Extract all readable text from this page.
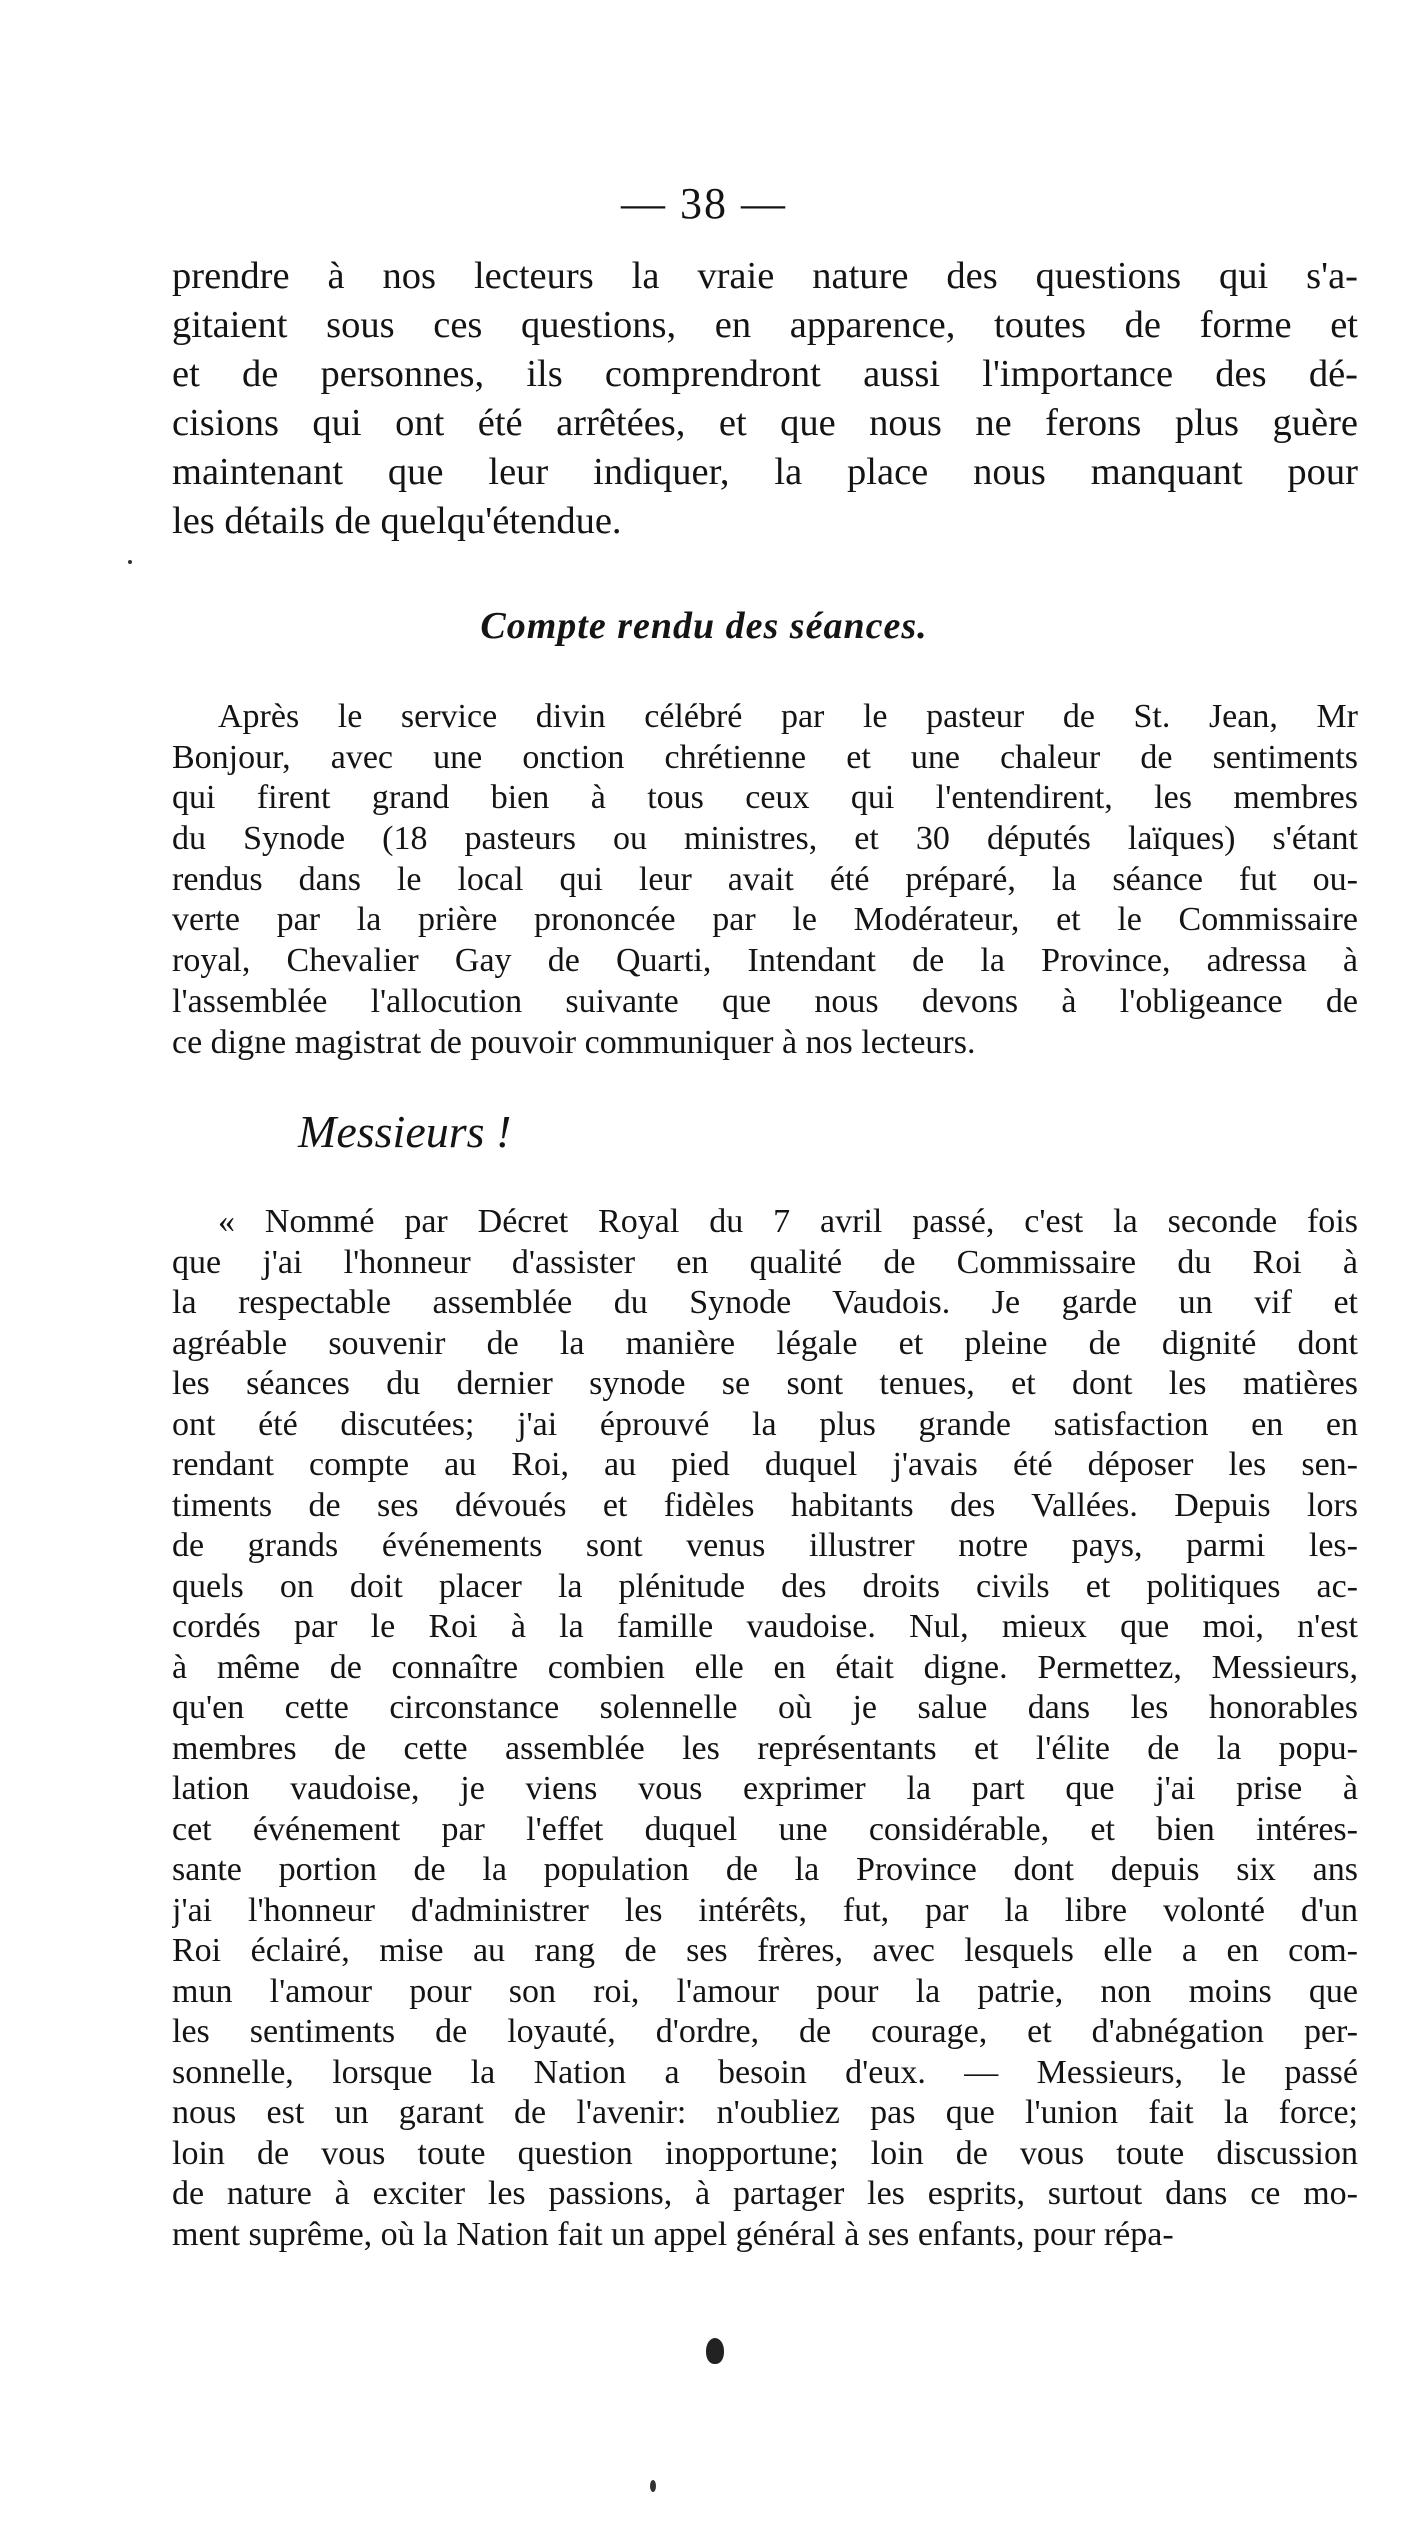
— 38 —
prendre à nos lecteurs la vraie nature des questions qui s'a-
gitaient sous ces questions, en apparence, toutes de forme et
et de personnes, ils comprendront aussi l'importance des dé-
cisions qui ont été arrêtées, et que nous ne ferons plus guère
maintenant que leur indiquer, la place nous manquant pour
les détails de quelqu'étendue.
Compte rendu des séances.
Après le service divin célébré par le pasteur de St. Jean, Mr
Bonjour, avec une onction chrétienne et une chaleur de sentiments
qui firent grand bien à tous ceux qui l'entendirent, les membres
du Synode (18 pasteurs ou ministres, et 30 députés laïques) s'étant
rendus dans le local qui leur avait été préparé, la séance fut ou-
verte par la prière prononcée par le Modérateur, et le Commissaire
royal, Chevalier Gay de Quarti, Intendant de la Province, adressa à
l'assemblée l'allocution suivante que nous devons à l'obligeance de
ce digne magistrat de pouvoir communiquer à nos lecteurs.
Messieurs !
« Nommé par Décret Royal du 7 avril passé, c'est la seconde fois
que j'ai l'honneur d'assister en qualité de Commissaire du Roi à
la respectable assemblée du Synode Vaudois. Je garde un vif et
agréable souvenir de la manière légale et pleine de dignité dont
les séances du dernier synode se sont tenues, et dont les matières
ont été discutées; j'ai éprouvé la plus grande satisfaction en en
rendant compte au Roi, au pied duquel j'avais été déposer les sen-
timents de ses dévoués et fidèles habitants des Vallées. Depuis lors
de grands événements sont venus illustrer notre pays, parmi les-
quels on doit placer la plénitude des droits civils et politiques ac-
cordés par le Roi à la famille vaudoise. Nul, mieux que moi, n'est
à même de connaître combien elle en était digne. Permettez, Messieurs,
qu'en cette circonstance solennelle où je salue dans les honorables
membres de cette assemblée les représentants et l'élite de la popu-
lation vaudoise, je viens vous exprimer la part que j'ai prise à
cet événement par l'effet duquel une considérable, et bien intéres-
sante portion de la population de la Province dont depuis six ans
j'ai l'honneur d'administrer les intérêts, fut, par la libre volonté d'un
Roi éclairé, mise au rang de ses frères, avec lesquels elle a en com-
mun l'amour pour son roi, l'amour pour la patrie, non moins que
les sentiments de loyauté, d'ordre, de courage, et d'abnégation per-
sonnelle, lorsque la Nation a besoin d'eux. — Messieurs, le passé
nous est un garant de l'avenir: n'oubliez pas que l'union fait la force;
loin de vous toute question inopportune; loin de vous toute discussion
de nature à exciter les passions, à partager les esprits, surtout dans ce mo-
ment suprême, où la Nation fait un appel général à ses enfants, pour répa-
